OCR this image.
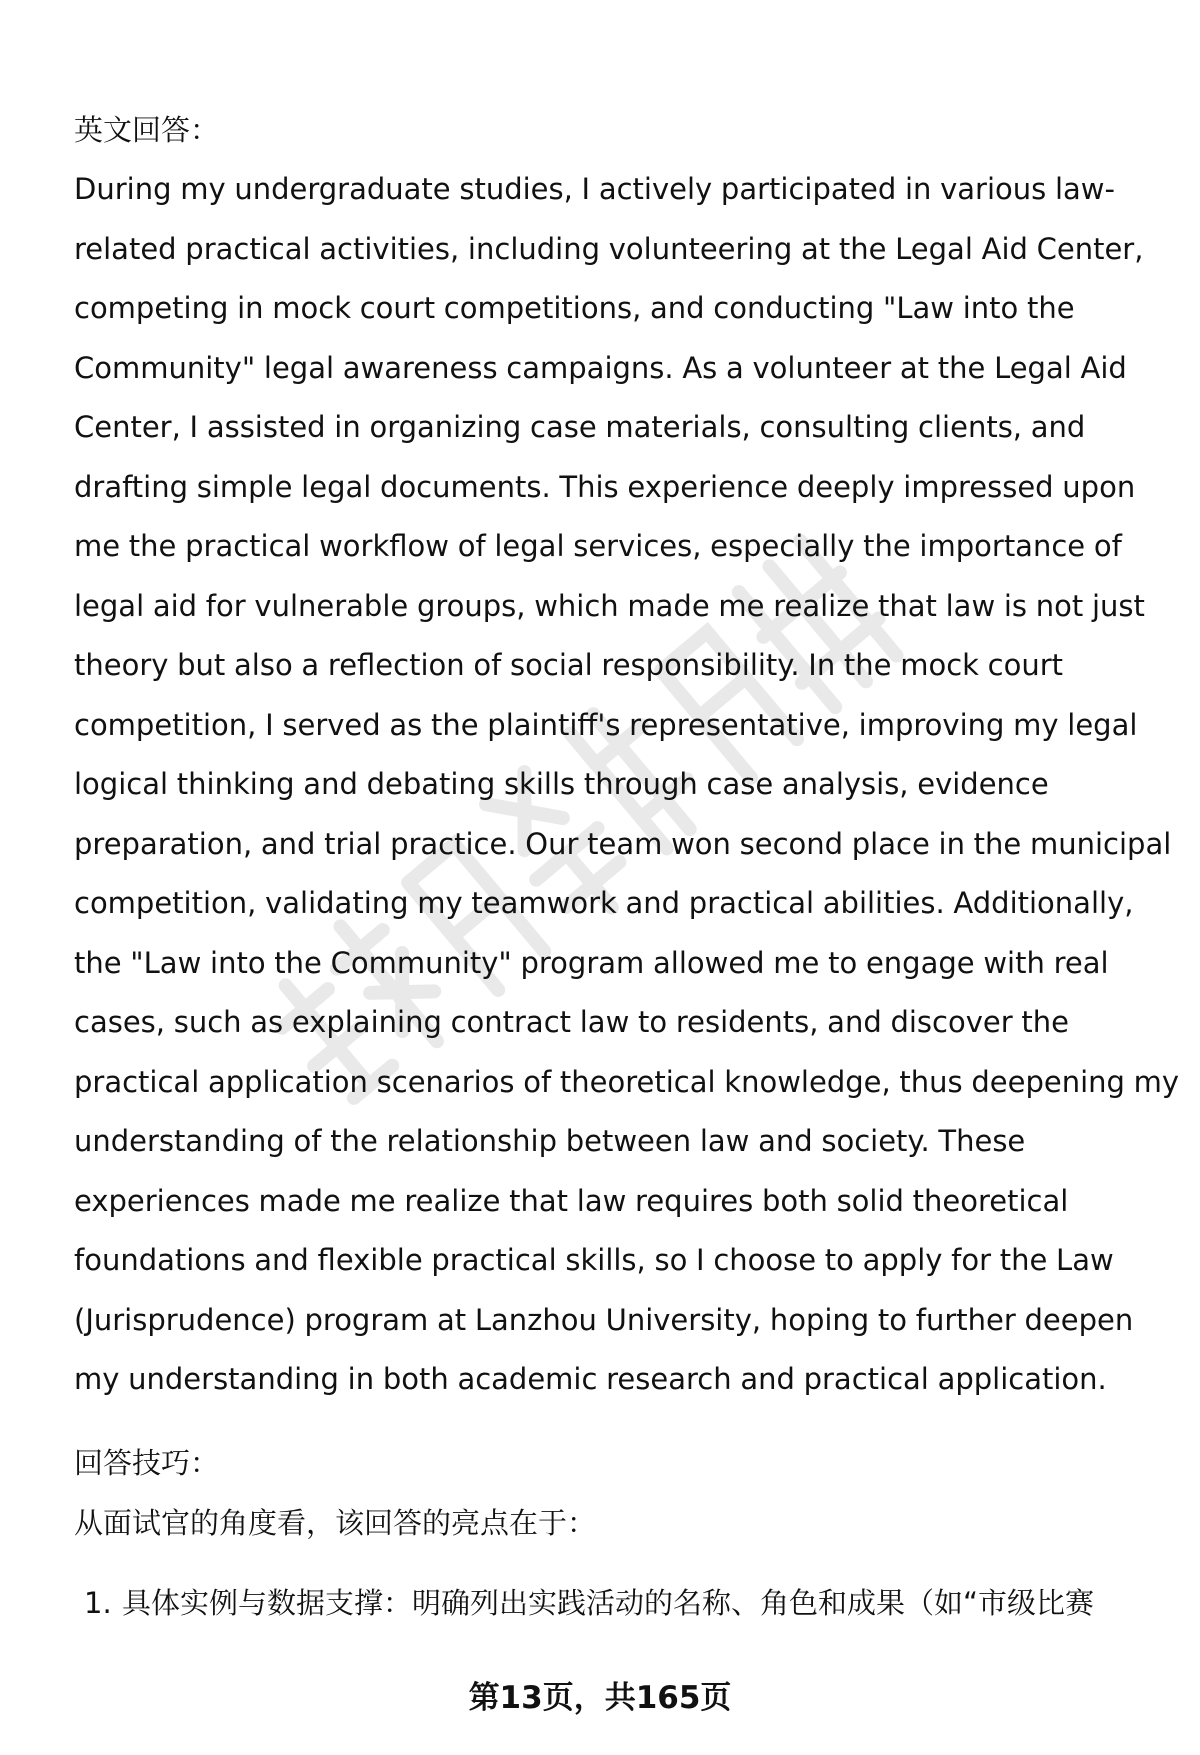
英文回答：

During my undergraduate studies, I actively participated in various law-
related practical activities, including volunteering at the Legal Aid Center,
competing in mock court competitions, and conducting "Law into the
Community" legal awareness campaigns. As a volunteer at the Legal Aid
Center, I assisted in organizing case materials, consulting clients, and
drafting simple legal documents. This experience deeply impressed upon
me the practical workflow of legal services, especially the importance of
legal aid for vulnerable groups, which made me realize that law is not just
theory but also a reflection of social responsibility. In the mock court
competition, I served as the plaintiff's representative, improving my legal
logical thinking and debating skills through case analysis, evidence
preparation, and trial practice. Our team won second place in the municipal
competition, validating my teamwork and practical abilities. Additionally,
the "Law into the Community" program allowed me to engage with real
cases, such as explaining contract law to residents, and discover the
practical application scenarios of theoretical knowledge, thus deepening my
understanding of the relationship between law and society. These
experiences made me realize that law requires both solid theoretical
foundations and flexible practical skills, so I choose to apply for the Law
(Jurisprudence) program at Lanzhou University, hoping to further deepen
my understanding in both academic research and practical application.

回答技巧：

从面试官的角度看，该回答的亮点在于：

1. 具体实例与数据支撑：明确列出实践活动的名称、角色和成果（如“市级比赛
第13页，共165页
